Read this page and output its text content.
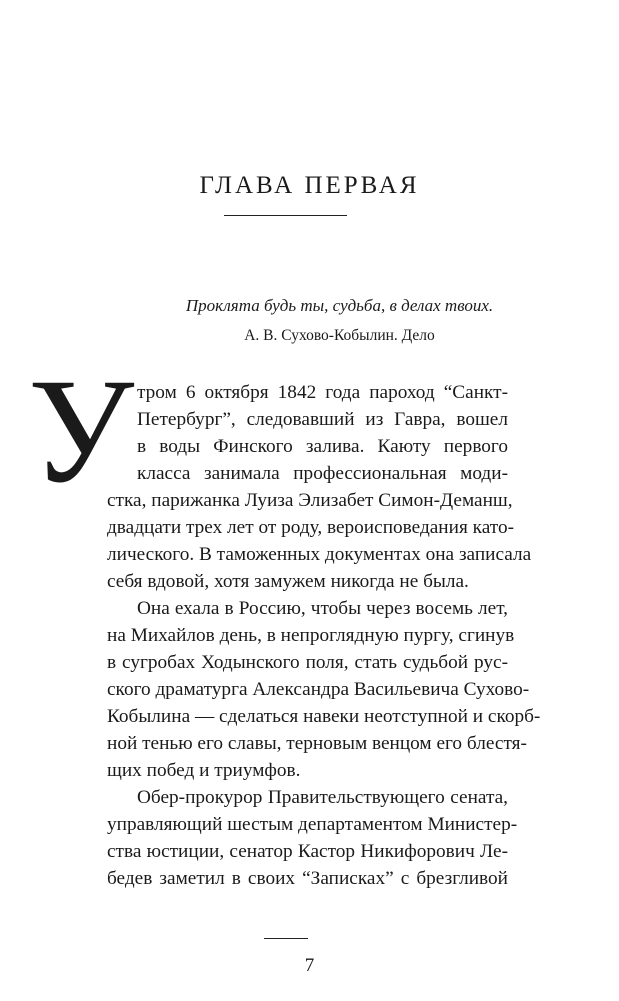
ГЛАВА ПЕРВАЯ
Проклята будь ты, судьба, в делах твоих.
А. В. Сухово-Кобылин. Дело
У тром 6 октября 1842 года пароход “Санкт-
Петербург”, следовавший из Гавра, вошел
в воды Финского залива. Каюту первого
класса занимала профессиональная моди-
стка, парижанка Луиза Элизабет Симон-Деманш,
двадцати трех лет от роду, вероисповедания като-
лического. В таможенных документах она записала
себя вдовой, хотя замужем никогда не была.
Она ехала в Россию, чтобы через восемь лет,
на Михайлов день, в непроглядную пургу, сгинув
в сугробах Ходынского поля, стать судьбой рус-
ского драматурга Александра Васильевича Сухово-
Кобылина — сделаться навеки неотступной и скорб-
ной тенью его славы, терновым венцом его блестя-
щих побед и триумфов.
Обер-прокурор Правительствующего сената,
управляющий шестым департаментом Министер-
ства юстиции, сенатор Кастор Никифорович Ле-
бедев заметил в своих “Записках” с брезгливой
7
